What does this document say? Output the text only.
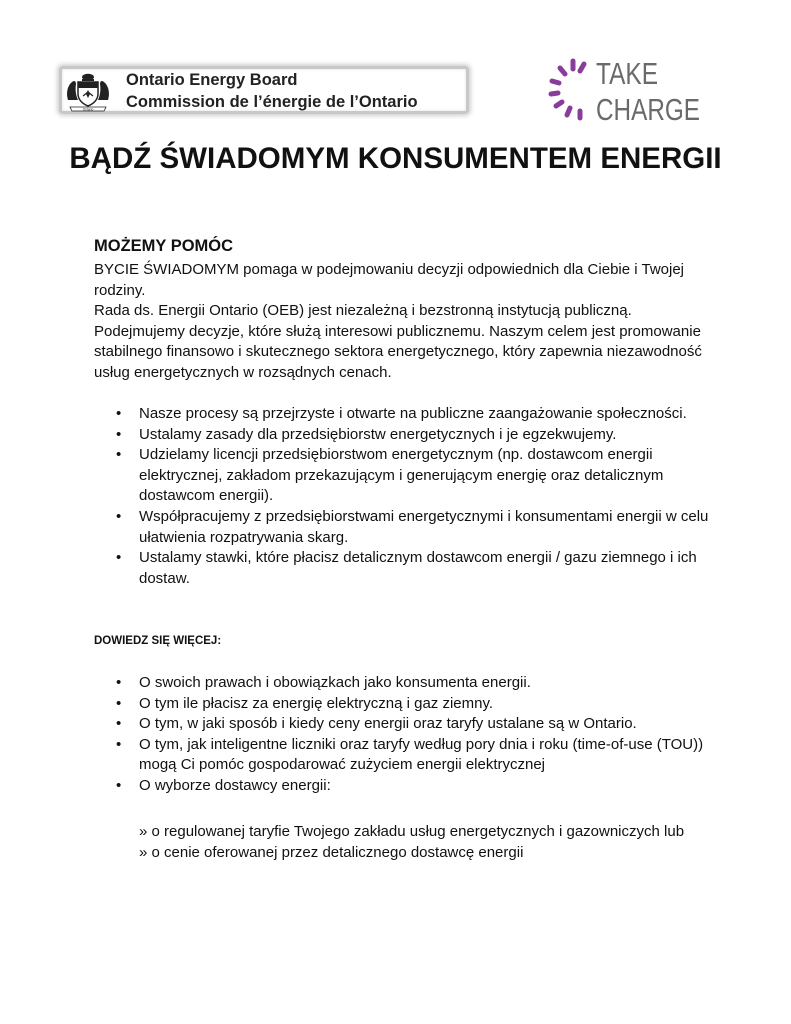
Ontario
Ontario Energy Board
Commission de l’énergie de l’Ontario
TAKE
CHARGE
BĄDŹ ŚWIADOMYM KONSUMENTEM ENERGII
MOŻEMY POMÓC

BYCIE ŚWIADOMYM pomaga w podejmowaniu decyzji odpowiednich dla Ciebie i Twojej rodziny.

Rada ds. Energii Ontario (OEB) jest niezależną i bezstronną instytucją publiczną. Podejmujemy decyzje, które służą interesowi publicznemu. Naszym celem jest promowanie stabilnego finansowo i skutecznego sektora energetycznego, który zapewnia niezawodność usług energetycznych w rozsądnych cenach.

• Nasze procesy są przejrzyste i otwarte na publiczne zaangażowanie społeczności.
• Ustalamy zasady dla przedsiębiorstw energetycznych i je egzekwujemy.
• Udzielamy licencji przedsiębiorstwom energetycznym (np. dostawcom energii elektrycznej, zakładom przekazującym i generującym energię oraz detalicznym dostawcom energii).
• Współpracujemy z przedsiębiorstwami energetycznymi i konsumentami energii w celu ułatwienia rozpatrywania skarg.
• Ustalamy stawki, które płacisz detalicznym dostawcom energii / gazu ziemnego i ich dostaw.
DOWIEDZ SIĘ WIĘCEJ:
• O swoich prawach i obowiązkach jako konsumenta energii.
• O tym ile płacisz za energię elektryczną i gaz ziemny.
• O tym, w jaki sposób i kiedy ceny energii oraz taryfy ustalane są w Ontario.
• O tym, jak inteligentne liczniki oraz taryfy według pory dnia i roku (time-of-use (TOU)) mogą Ci pomóc gospodarować zużyciem energii elektrycznej
• O wyborze dostawcy energii:

» o regulowanej taryfie Twojego zakładu usług energetycznych i gazowniczych lub

» o cenie oferowanej przez detalicznego dostawcę energii
